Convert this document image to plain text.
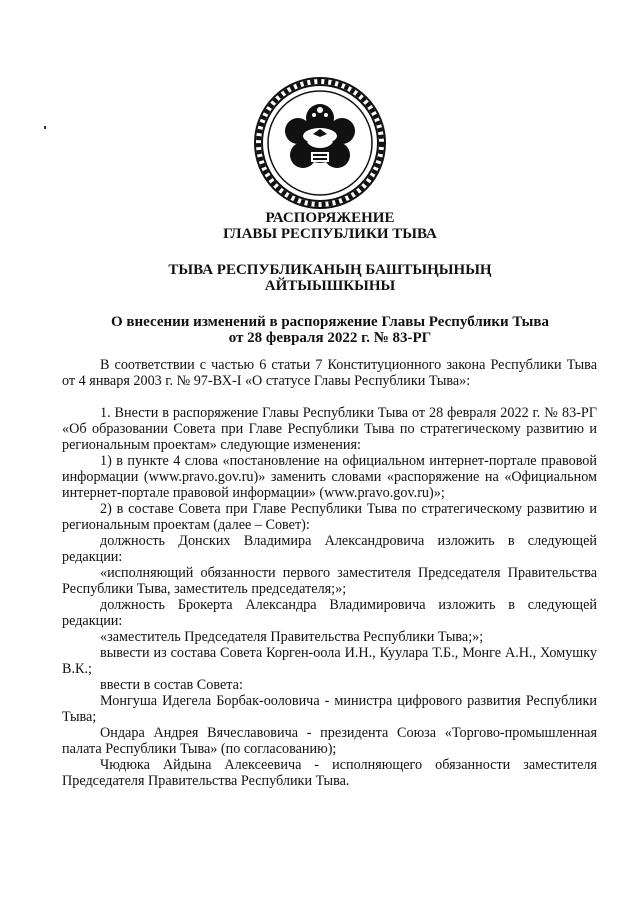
РАСПОРЯЖЕНИЕ
ГЛАВЫ РЕСПУБЛИКИ ТЫВА
ТЫВА РЕСПУБЛИКАНЫҢ БАШТЫҢЫНЫҢ
АЙТЫЫШКЫНЫ
О внесении изменений в распоряжение Главы Республики Тыва
от 28 февраля 2022 г. № 83-РГ

В соответствии с частью 6 статьи 7 Конституционного закона Республики Тыва от 4 января 2003 г. № 97-ВХ-I «О статусе Главы Республики Тыва»:

1. Внести в распоряжение Главы Республики Тыва от 28 февраля 2022 г. № 83-РГ «Об образовании Совета при Главе Республики Тыва по стратегическому развитию и региональным проектам» следующие изменения:

1) в пункте 4 слова «постановление на официальном интернет-портале правовой информации (www.pravo.gov.ru)» заменить словами «распоряжение на «Официальном интернет-портале правовой информации» (www.pravo.gov.ru)»;

2) в составе Совета при Главе Республики Тыва по стратегическому развитию и региональным проектам (далее – Совет):

должность Донских Владимира Александровича изложить в следующей редакции:

«исполняющий обязанности первого заместителя Председателя Правительства Республики Тыва, заместитель председателя;»;

должность Брокерта Александра Владимировича изложить в следующей редакции:

«заместитель Председателя Правительства Республики Тыва;»;

вывести из состава Совета Корген-оола И.Н., Куулара Т.Б., Монге А.Н., Хомушку В.К.;

ввести в состав Совета:

Монгуша Идегела Борбак-ооловича - министра цифрового развития Республики Тыва;

Ондара Андрея Вячеславовича - президента Союза «Торгово-промышленная палата Республики Тыва» (по согласованию);

Чюдюка Айдына Алексеевича - исполняющего обязанности заместителя Председателя Правительства Республики Тыва.
